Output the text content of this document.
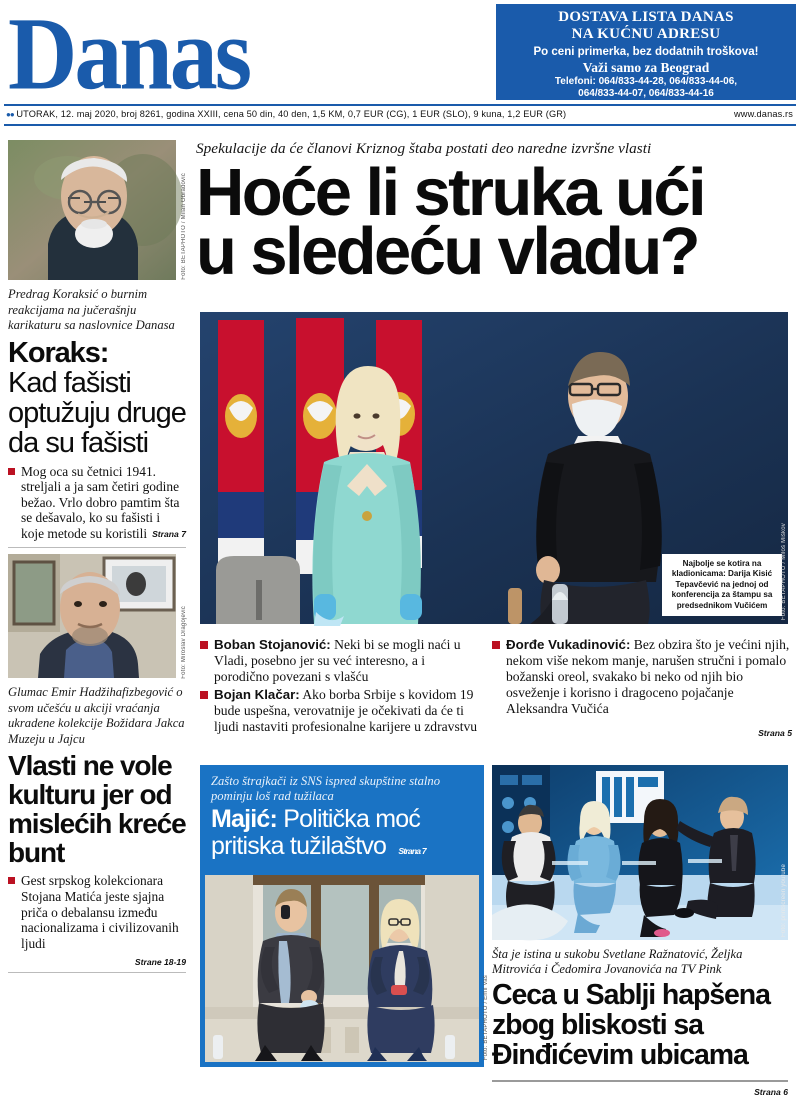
Danas	DOSTAVA LISTA DANAS
NA KUĆNU ADRESU
Po ceni primerka, bez dodatnih troškova!
Važi samo za Beograd
Telefoni: 064/833-44-28, 064/833-44-06,
064/833-44-07, 064/833-44-16
●● UTORAK, 12. maj 2020, broj 8261, godina XXIII, cena 50 din, 40 den, 1,5 KM, 0,7 EUR (CG), 1 EUR (SLO), 9 kuna, 1,2 EUR (GR)	www.danas.rs
Foto: BETAPHOTO / Milan Obradović
Predrag Koraksić o burnim reakcijama na jučerašnju karikaturu sa naslovnice Danasa
Koraks:
Kad fašisti optužuju druge da su fašisti
Mog oca su četnici 1941. streljali a ja sam četiri godine bežao. Vrlo dobro pamtim šta se dešavalo, ko su fašisti i koje metode su koristili Strana 7
Foto: Miroslav Dragojević
Glumac Emir Hadžihafizbegović o svom učešću u akciji vraćanja ukradene kolekcije Božidara Jakca Muzeju u Jajcu
Vlasti ne vole kulturu jer od mislećih kreće bunt
Gest srpskog kolekcionara Stojana Matića jeste sjajna priča o debalansu između nacionalizama i civilizovanih ljudi
Strane 18-19
Spekulacije da će članovi Kriznog štaba postati deo naredne izvršne vlasti
Hoće li struka ući
u sledeću vladu?
Najbolje se kotira na kladionicama: Darija Kisić Tepavčević na jednoj od konferencija za štampu sa predsednikom Vučićem	Foto: BETAPHOTO / Miloš Miškov
Boban Stojanović: Neki bi se mogli naći u Vladi, posebno jer su već interesno, a i porodično povezani s vlašću
Bojan Klačar: Ako borba Srbije s kovidom 19 bude uspešna, verovatnije je očekivati da će ti ljudi nastaviti profesionalne karijere u zdravstvu
Đorđe Vukadinović: Bez obzira što je većini njih, nekom više nekom manje, narušen stručni i pomalo božanski oreol, svakako bi neko od njih bio osveženje i korisno i dragoceno pojačanje Aleksandra Vučića
Strana 5
Zašto štrajkači iz SNS ispred skupštine stalno pominju loš rad tužilaca
Majić: Politička moć pritiska tužilaštvo Strana 7
Foto: BETAPHOTO / Emil Vaš
Foto: printscreen youtube
Šta je istina u sukobu Svetlane Ražnatović, Željka Mitrovića i Čedomira Jovanovića na TV Pink
Ceca u Sablji hapšena zbog bliskosti sa Đinđićevim ubicama
Strana 6
